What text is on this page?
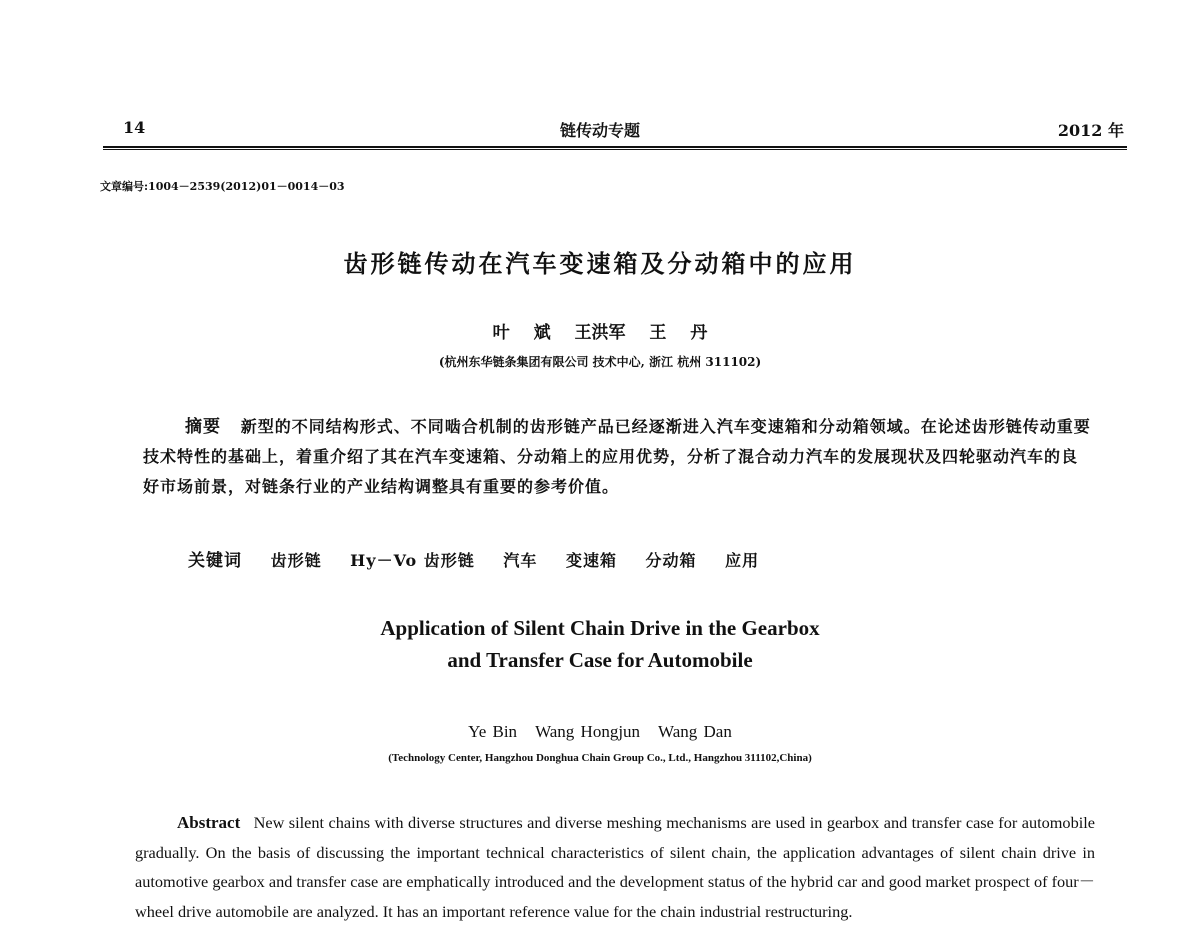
14	链传动专题	2012 年
文章编号:1004－2539(2012)01－0014－03
齿形链传动在汽车变速箱及分动箱中的应用
叶 斌 王洪军 王 丹
(杭州东华链条集团有限公司 技术中心, 浙江 杭州 311102)
摘要 新型的不同结构形式、不同啮合机制的齿形链产品已经逐渐进入汽车变速箱和分动箱领域。在论述齿形链传动重要技术特性的基础上，着重介绍了其在汽车变速箱、分动箱上的应用优势，分析了混合动力汽车的发展现状及四轮驱动汽车的良好市场前景，对链条行业的产业结构调整具有重要的参考价值。
关键词 齿形链 Hy－Vo 齿形链 汽车 变速箱 分动箱 应用
Application of Silent Chain Drive in the Gearbox
and Transfer Case for Automobile
Ye Bin Wang Hongjun Wang Dan
(Technology Center, Hangzhou Donghua Chain Group Co., Ltd., Hangzhou 311102,China)
Abstract New silent chains with diverse structures and diverse meshing mechanisms are used in gearbox and transfer case for automobile gradually. On the basis of discussing the important technical characteristics of silent chain, the application advantages of silent chain drive in automotive gearbox and transfer case are emphatically introduced and the development status of the hybrid car and good market prospect of four－wheel drive automobile are analyzed. It has an important reference value for the chain industrial restructuring.
